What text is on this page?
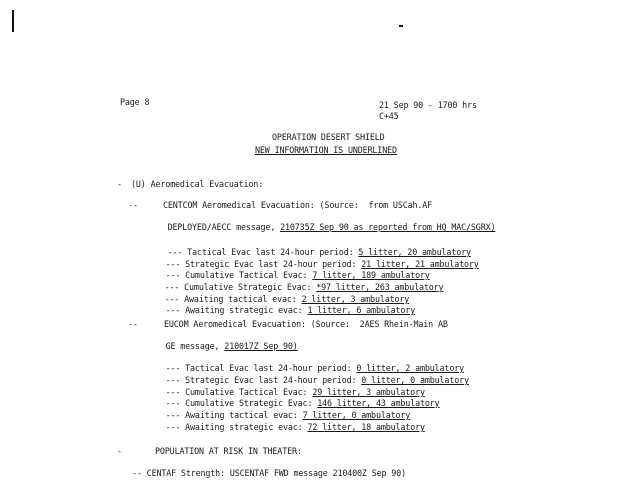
Page 8	21 Sep 90 - 1700 hrs
C+45
OPERATION DESERT SHIELD
NEW INFORMATION IS UNDERLINED
- (U) Aeromedical Evacuation:
--	CENTCOM Aeromedical Evacuation: (Source:  from USCah.AF

DEPLOYED/AECC message, 210735Z Sep 90 as reported from HQ MAC/SGRX)

--- Tactical Evac last 24-hour period: 5 litter, 20 ambulatory

--- Strategic Evac last 24-hour period: 21 litter, 21 ambulatory

--- Cumulative Tactical Evac: 7 litter, 189 ambulatory

--- Cumulative Strategic Evac: *97 litter, 263 ambulatory

--- Awaiting tactical evac: 2 litter, 3 ambulatory

--- Awaiting strategic evac: 1 litter, 6 ambulatory

--	EUCOM Aeromedical Evacuation: (Source:  2AES Rhein-Main AB

GE message, 210017Z Sep 90)

--- Tactical Evac last 24-hour period: 0 litter, 2 ambulatory

--- Strategic Evac last 24-hour period: 0 litter, 0 ambulatory

--- Cumulative Tactical Evac: 29 litter, 3 ambulatory

--- Cumulative Strategic Evac: 146 litter, 43 ambulatory

--- Awaiting tactical evac: 7 litter, 0 ambulatory

--- Awaiting strategic evac: 72 litter, 18 ambulatory

-	POPULATION AT RISK IN THEATER:
-- CENTAF Strength: USCENTAF FWD message 210400Z Sep 90)
